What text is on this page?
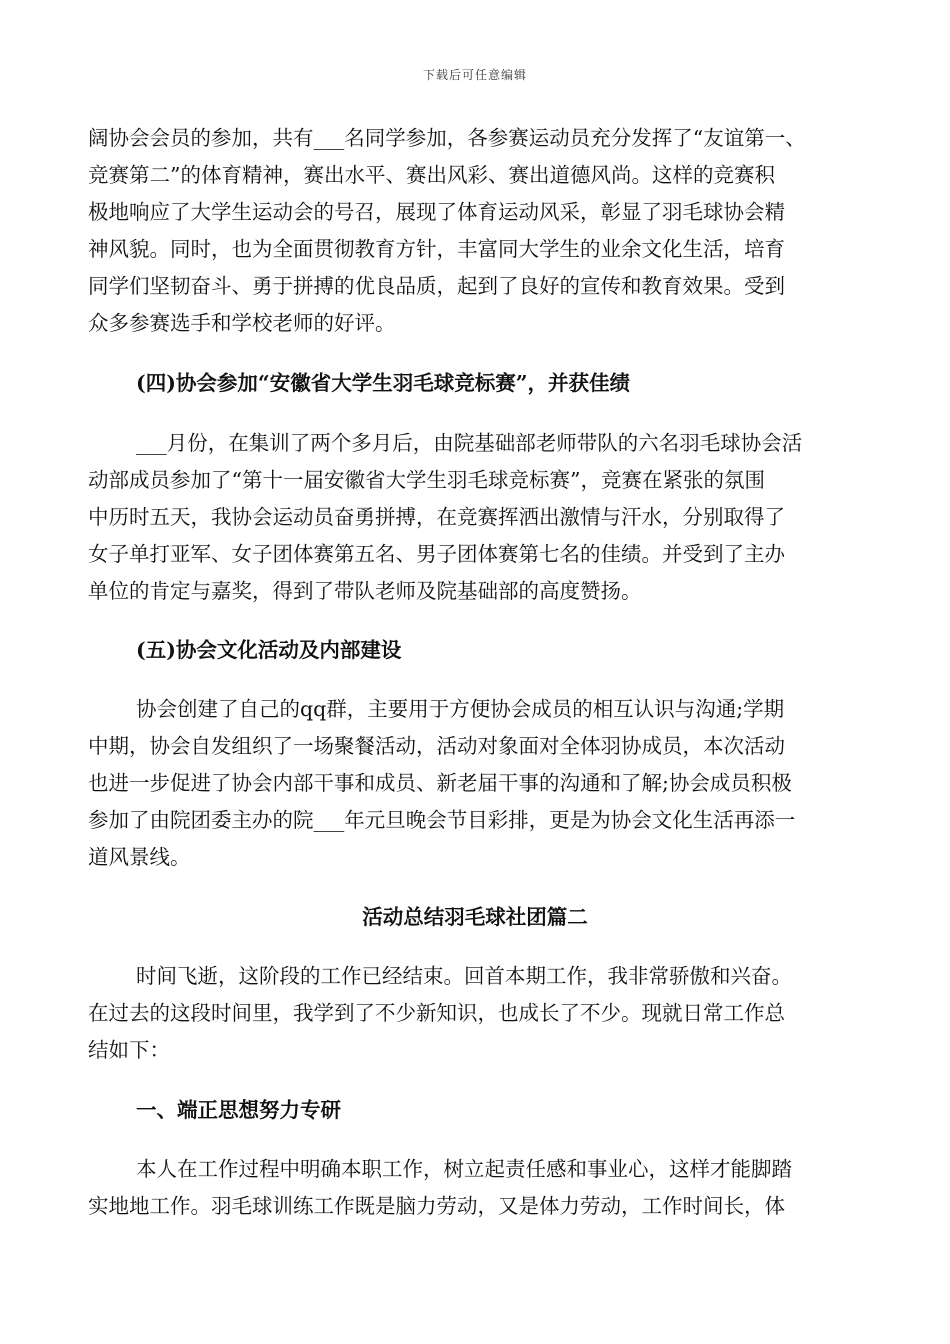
下载后可任意编辑
阔协会会员的参加，共有___名同学参加，各参赛运动员充分发挥了“友谊第一、
竞赛第二”的体育精神，赛出水平、赛出风彩、赛出道德风尚。这样的竞赛积
极地响应了大学生运动会的号召，展现了体育运动风采，彰显了羽毛球协会精
神风貌。同时，也为全面贯彻教育方针，丰富同大学生的业余文化生活，培育
同学们坚韧奋斗、勇于拼搏的优良品质，起到了良好的宣传和教育效果。受到
众多参赛选手和学校老师的好评。
(四)协会参加“安徽省大学生羽毛球竞标赛”，并获佳绩
___月份，在集训了两个多月后，由院基础部老师带队的六名羽毛球协会活
动部成员参加了“第十一届安徽省大学生羽毛球竞标赛”，竞赛在紧张的氛围
中历时五天，我协会运动员奋勇拼搏，在竞赛挥洒出激情与汗水，分别取得了
女子单打亚军、女子团体赛第五名、男子团体赛第七名的佳绩。并受到了主办
单位的肯定与嘉奖，得到了带队老师及院基础部的高度赞扬。
(五)协会文化活动及内部建设
协会创建了自己的qq群，主要用于方便协会成员的相互认识与沟通;学期
中期，协会自发组织了一场聚餐活动，活动对象面对全体羽协成员，本次活动
也进一步促进了协会内部干事和成员、新老届干事的沟通和了解;协会成员积极
参加了由院团委主办的院___年元旦晚会节目彩排，更是为协会文化生活再添一
道风景线。
活动总结羽毛球社团篇二
时间飞逝，这阶段的工作已经结束。回首本期工作，我非常骄傲和兴奋。
在过去的这段时间里，我学到了不少新知识，也成长了不少。现就日常工作总
结如下：
一、端正思想努力专研
本人在工作过程中明确本职工作，树立起责任感和事业心，这样才能脚踏
实地地工作。羽毛球训练工作既是脑力劳动，又是体力劳动，工作时间长，体
